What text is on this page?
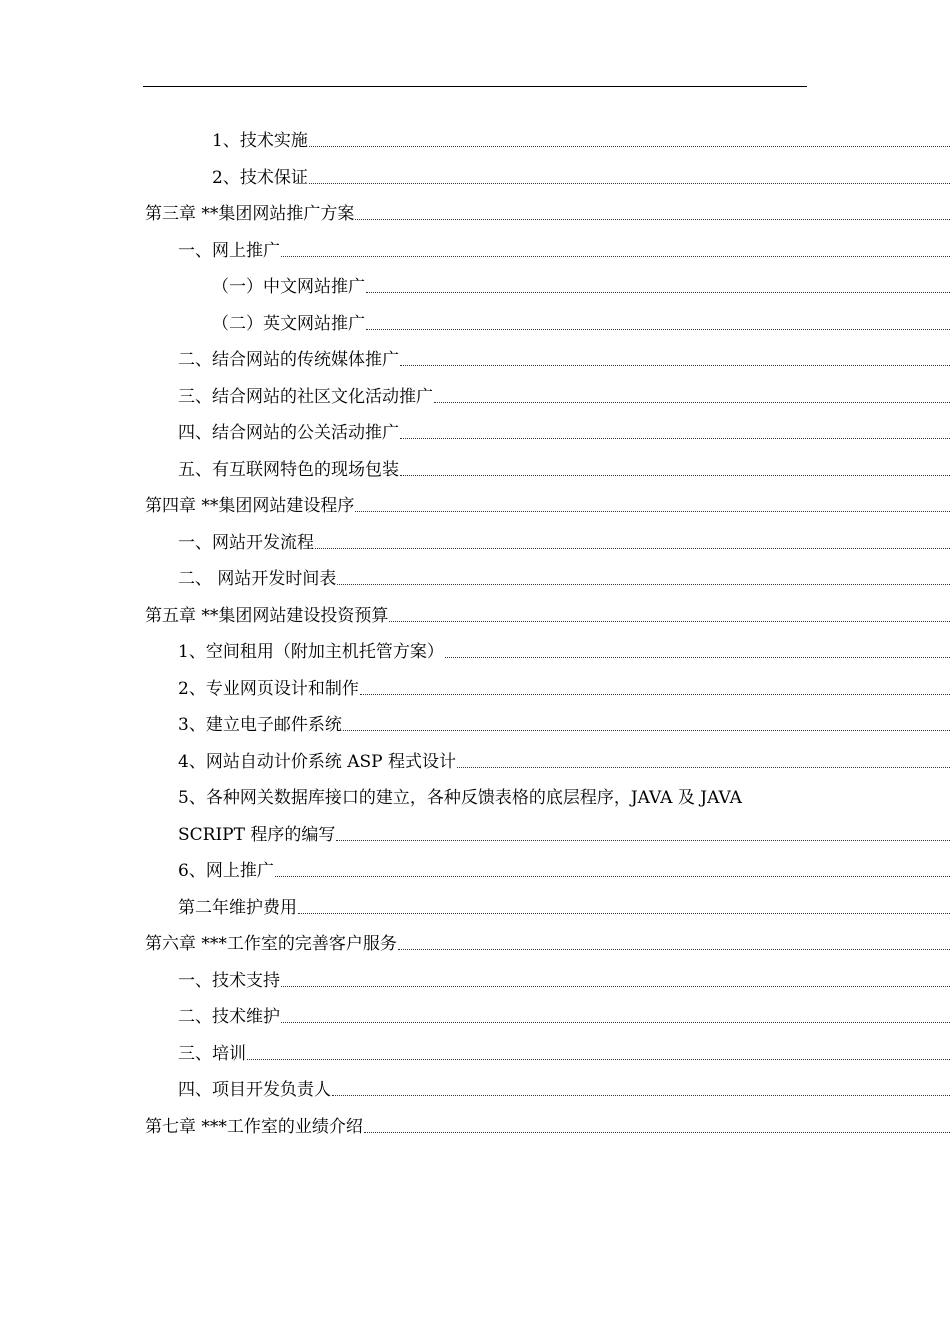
1、技术实施
2、技术保证
第三章 **集团网站推广方案
一、网上推广
（一）中文网站推广
（二）英文网站推广
二、结合网站的传统媒体推广
三、结合网站的社区文化活动推广
四、结合网站的公关活动推广
五、有互联网特色的现场包装
第四章 **集团网站建设程序
一、网站开发流程
二、 网站开发时间表
第五章 **集团网站建设投资预算
1、空间租用（附加主机托管方案）
2、专业网页设计和制作
3、建立电子邮件系统
4、网站自动计价系统 ASP 程式设计
5、各种网关数据库接口的建立，各种反馈表格的底层程序，JAVA 及 JAVA
SCRIPT 程序的编写
6、网上推广
第二年维护费用
第六章 ***工作室的完善客户服务
一、技术支持
二、技术维护
三、培训
四、项目开发负责人
第七章 ***工作室的业绩介绍
